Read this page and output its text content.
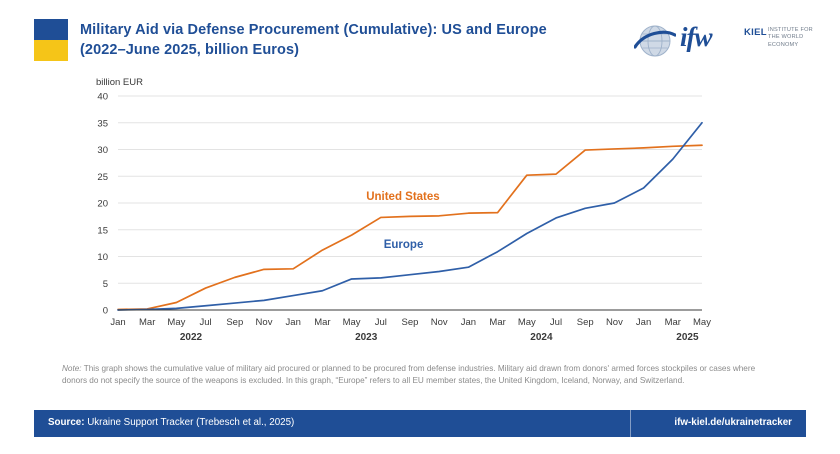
Military Aid via Defense Procurement (Cumulative): US and Europe
(2022–June 2025, billion Euros)	ifw	KIEL INSTITUTE FOR THE WORLD ECONOMY
billion EUR
0
5
10
15
20
25
30
35
40
Jan Mar May Jul Sep Nov Jan Mar May Jul Sep Nov Jan Mar May Jul Sep Nov Jan Mar May
2022	2023	2024	2025
United States
Europe
Note: This graph shows the cumulative value of military aid procured or planned to be procured from defense industries. Military aid drawn from donors' armed forces stockpiles or cases where donors do not specify the source of the weapons is excluded. In this graph, “Europe” refers to all EU member states, the United Kingdom, Iceland, Norway, and Switzerland.
Source: Ukraine Support Tracker (Trebesch et al., 2025)	ifw-kiel.de/ukrainetracker
